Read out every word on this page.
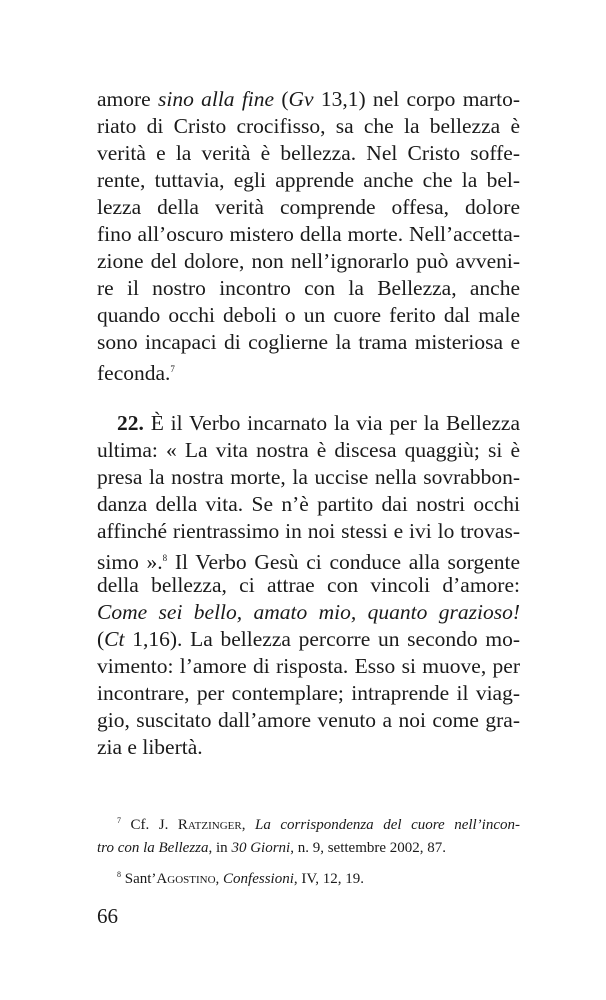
amore sino alla fine (Gv 13,1) nel corpo marto-
riato di Cristo crocifisso, sa che la bellezza è
verità e la verità è bellezza. Nel Cristo soffe-
rente, tuttavia, egli apprende anche che la bel-
lezza della verità comprende offesa, dolore
fino all’oscuro mistero della morte. Nell’accetta-
zione del dolore, non nell’ignorarlo può avveni-
re il nostro incontro con la Bellezza, anche
quando occhi deboli o un cuore ferito dal male
sono incapaci di coglierne la trama misteriosa e
feconda.$^7$
22. È il Verbo incarnato la via per la Bellezza
ultima: « La vita nostra è discesa quaggiù; si è
presa la nostra morte, la uccise nella sovrabbon-
danza della vita. Se n’è partito dai nostri occhi
affinché rientrassimo in noi stessi e ivi lo trovas-
simo ».$^8$ Il Verbo Gesù ci conduce alla sorgente
della bellezza, ci attrae con vincoli d’amore:
Come sei bello, amato mio, quanto grazioso!
(Ct 1,16). La bellezza percorre un secondo mo-
vimento: l’amore di risposta. Esso si muove, per
incontrare, per contemplare; intraprende il viag-
gio, suscitato dall’amore venuto a noi come gra-
zia e libertà.
$^7$ Cf. J. Ratzinger, La corrispondenza del cuore nell’incon-
tro con la Bellezza, in 30 Giorni, n. 9, settembre 2002, 87.
$^8$ Sant’Agostino, Confessioni, IV, 12, 19.
66
